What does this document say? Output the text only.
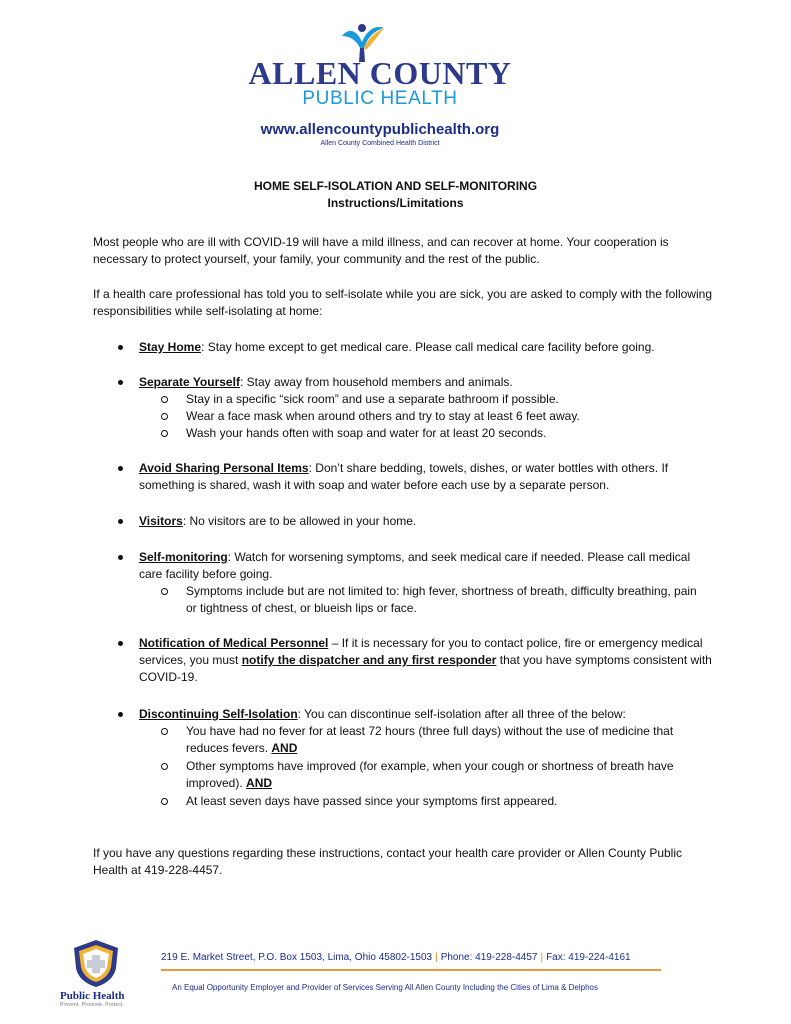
ALLEN COUNTY
PUBLIC HEALTH
www.allencountypublichealth.org
Allen County Combined Health District
HOME SELF-ISOLATION AND SELF-MONITORING
Instructions/Limitations
Most people who are ill with COVID-19 will have a mild illness, and can recover at home. Your cooperation is necessary to protect yourself, your family, your community and the rest of the public.
If a health care professional has told you to self-isolate while you are sick, you are asked to comply with the following responsibilities while self-isolating at home:
Stay Home: Stay home except to get medical care. Please call medical care facility before going.
Separate Yourself: Stay away from household members and animals.
Stay in a specific “sick room” and use a separate bathroom if possible.
Wear a face mask when around others and try to stay at least 6 feet away.
Wash your hands often with soap and water for at least 20 seconds.
Avoid Sharing Personal Items: Don’t share bedding, towels, dishes, or water bottles with others. If something is shared, wash it with soap and water before each use by a separate person.
Visitors: No visitors are to be allowed in your home.
Self-monitoring: Watch for worsening symptoms, and seek medical care if needed. Please call medical care facility before going.
Symptoms include but are not limited to: high fever, shortness of breath, difficulty breathing, pain or tightness of chest, or blueish lips or face.
Notification of Medical Personnel – If it is necessary for you to contact police, fire or emergency medical services, you must notify the dispatcher and any first responder that you have symptoms consistent with COVID-19.
Discontinuing Self-Isolation: You can discontinue self-isolation after all three of the below:
You have had no fever for at least 72 hours (three full days) without the use of medicine that reduces fevers. AND
Other symptoms have improved (for example, when your cough or shortness of breath have improved). AND
At least seven days have passed since your symptoms first appeared.
If you have any questions regarding these instructions, contact your health care provider or Allen County Public Health at 419-228-4457.
Public Health
Prevent. Promote. Protect.
219 E. Market Street, P.O. Box 1503, Lima, Ohio 45802-1503 | Phone: 419-228-4457 | Fax: 419-224-4161
An Equal Opportunity Employer and Provider of Services Serving All Allen County Including the Cities of Lima & Delphos
